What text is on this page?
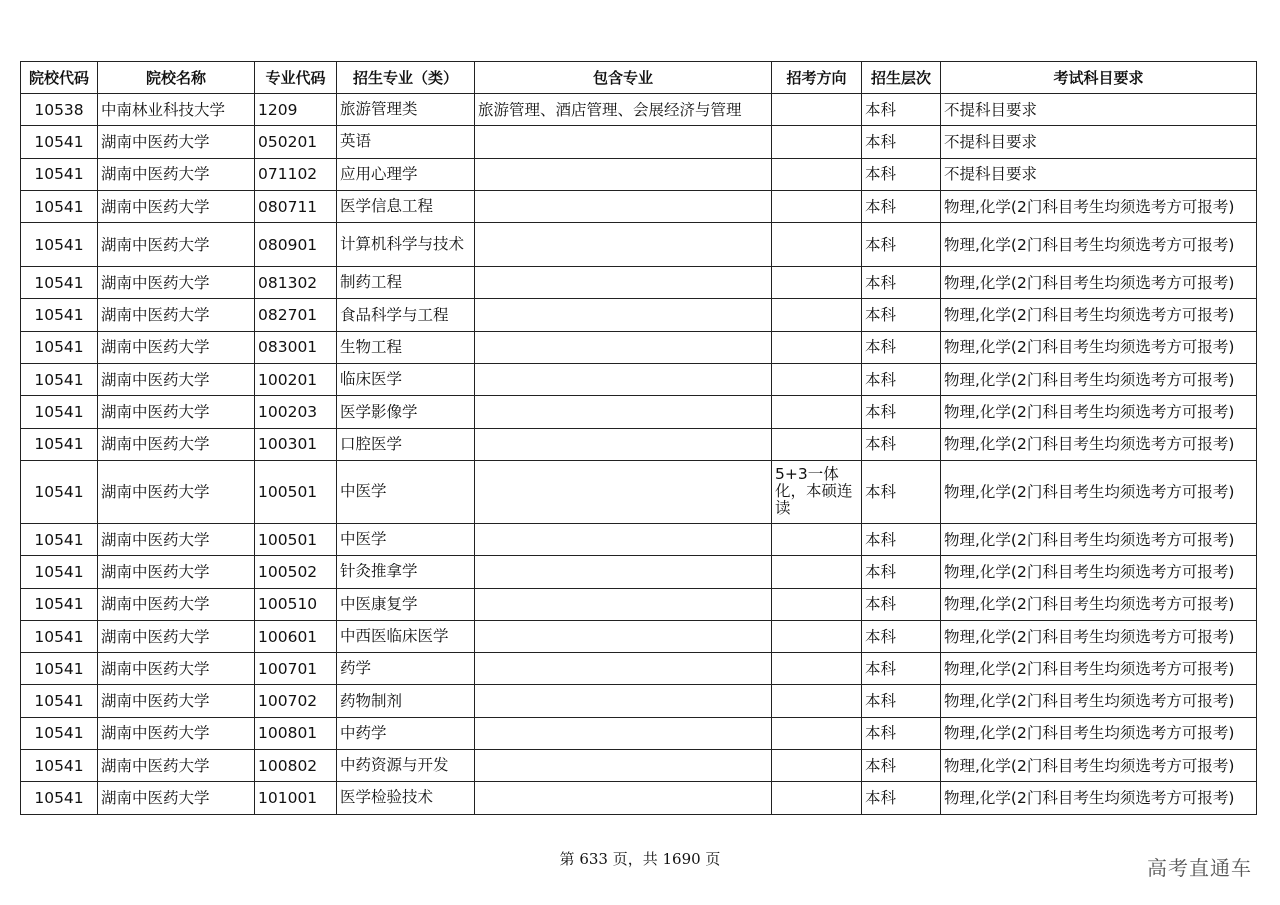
院校代码	院校名称	专业代码	招生专业（类）	包含专业	招考方向	招生层次	考试科目要求
10538	中南林业科技大学	1209	旅游管理类	旅游管理、酒店管理、会展经济与管理		本科	不提科目要求
10541	湖南中医药大学	050201	英语			本科	不提科目要求
10541	湖南中医药大学	071102	应用心理学			本科	不提科目要求
10541	湖南中医药大学	080711	医学信息工程			本科	物理,化学(2门科目考生均须选考方可报考)
10541	湖南中医药大学	080901	计算机科学与技术			本科	物理,化学(2门科目考生均须选考方可报考)
10541	湖南中医药大学	081302	制药工程			本科	物理,化学(2门科目考生均须选考方可报考)
10541	湖南中医药大学	082701	食品科学与工程			本科	物理,化学(2门科目考生均须选考方可报考)
10541	湖南中医药大学	083001	生物工程			本科	物理,化学(2门科目考生均须选考方可报考)
10541	湖南中医药大学	100201	临床医学			本科	物理,化学(2门科目考生均须选考方可报考)
10541	湖南中医药大学	100203	医学影像学			本科	物理,化学(2门科目考生均须选考方可报考)
10541	湖南中医药大学	100301	口腔医学			本科	物理,化学(2门科目考生均须选考方可报考)
10541	湖南中医药大学	100501	中医学		5+3一体化，本硕连读	本科	物理,化学(2门科目考生均须选考方可报考)
10541	湖南中医药大学	100501	中医学			本科	物理,化学(2门科目考生均须选考方可报考)
10541	湖南中医药大学	100502	针灸推拿学			本科	物理,化学(2门科目考生均须选考方可报考)
10541	湖南中医药大学	100510	中医康复学			本科	物理,化学(2门科目考生均须选考方可报考)
10541	湖南中医药大学	100601	中西医临床医学			本科	物理,化学(2门科目考生均须选考方可报考)
10541	湖南中医药大学	100701	药学			本科	物理,化学(2门科目考生均须选考方可报考)
10541	湖南中医药大学	100702	药物制剂			本科	物理,化学(2门科目考生均须选考方可报考)
10541	湖南中医药大学	100801	中药学			本科	物理,化学(2门科目考生均须选考方可报考)
10541	湖南中医药大学	100802	中药资源与开发			本科	物理,化学(2门科目考生均须选考方可报考)
10541	湖南中医药大学	101001	医学检验技术			本科	物理,化学(2门科目考生均须选考方可报考)
第 633 页，共 1690 页	高考直通车
